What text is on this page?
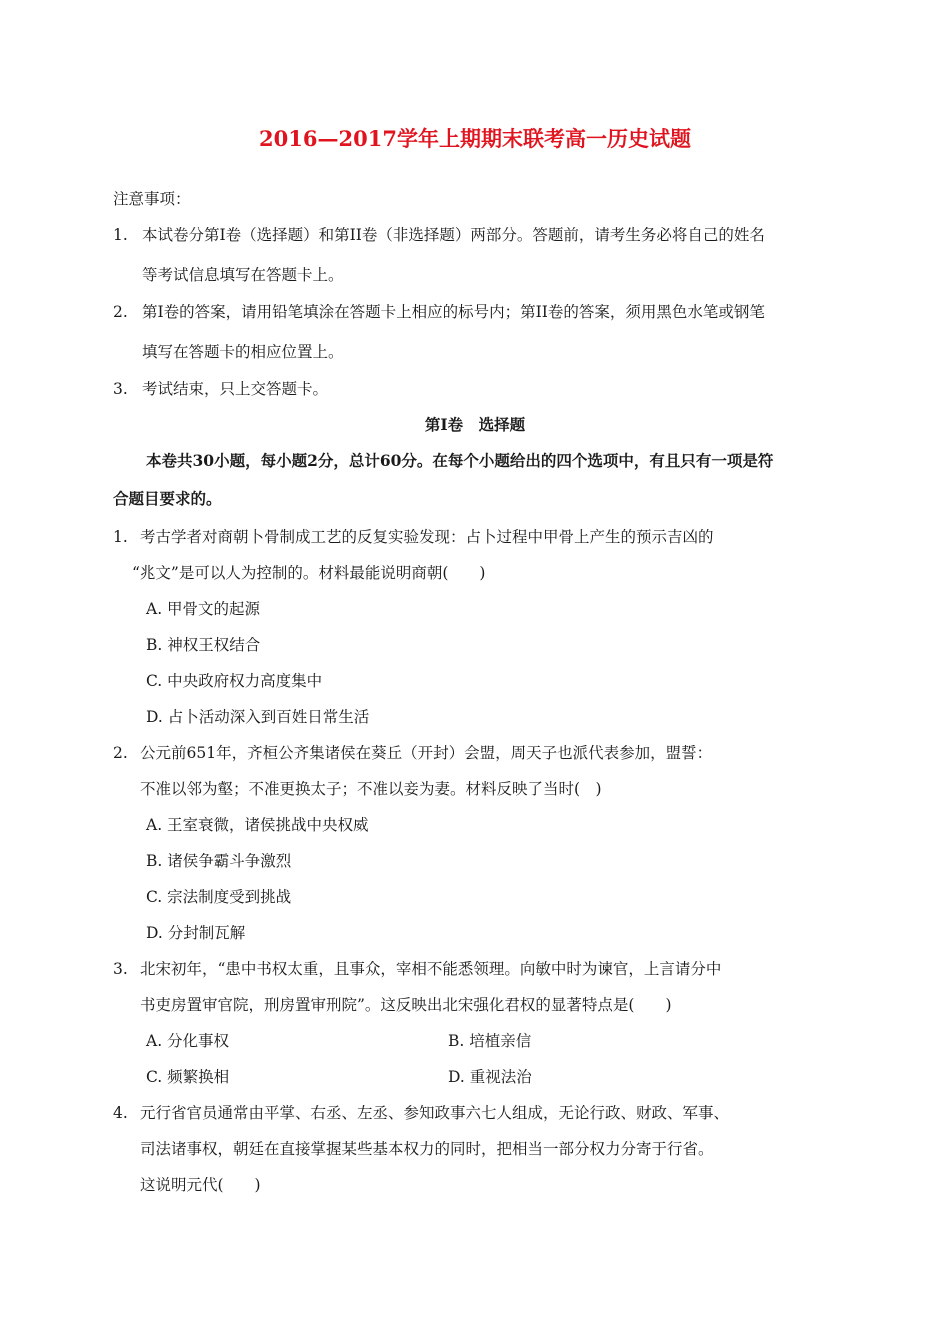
2016—2017学年上期期末联考高一历史试题
注意事项：
1. 本试卷分第I卷（选择题）和第II卷（非选择题）两部分。答题前，请考生务必将自己的姓名
等考试信息填写在答题卡上。
2. 第I卷的答案，请用铅笔填涂在答题卡上相应的标号内；第II卷的答案，须用黑色水笔或钢笔
填写在答题卡的相应位置上。
3. 考试结束，只上交答题卡。
第I卷　选择题
本卷共30小题，每小题2分，总计60分。在每个小题给出的四个选项中，有且只有一项是符
合题目要求的。
1. 考古学者对商朝卜骨制成工艺的反复实验发现：占卜过程中甲骨上产生的预示吉凶的
“兆文”是可以人为控制的。材料最能说明商朝(　　)
A. 甲骨文的起源
B. 神权王权结合
C. 中央政府权力高度集中
D. 占卜活动深入到百姓日常生活
2. 公元前651年，齐桓公齐集诸侯在葵丘（开封）会盟，周天子也派代表参加，盟誓：
不准以邻为壑；不准更换太子；不准以妾为妻。材料反映了当时(　)
A. 王室衰微，诸侯挑战中央权威
B. 诸侯争霸斗争激烈
C. 宗法制度受到挑战
D. 分封制瓦解
3. 北宋初年，“患中书权太重，且事众，宰相不能悉领理。向敏中时为谏官，上言请分中
书吏房置审官院，刑房置审刑院”。这反映出北宋强化君权的显著特点是(　　)
A. 分化事权	B. 培植亲信
C. 频繁换相	D. 重视法治
4. 元行省官员通常由平掌、右丞、左丞、参知政事六七人组成，无论行政、财政、军事、
司法诸事权，朝廷在直接掌握某些基本权力的同时，把相当一部分权力分寄于行省。
这说明元代(　　)
